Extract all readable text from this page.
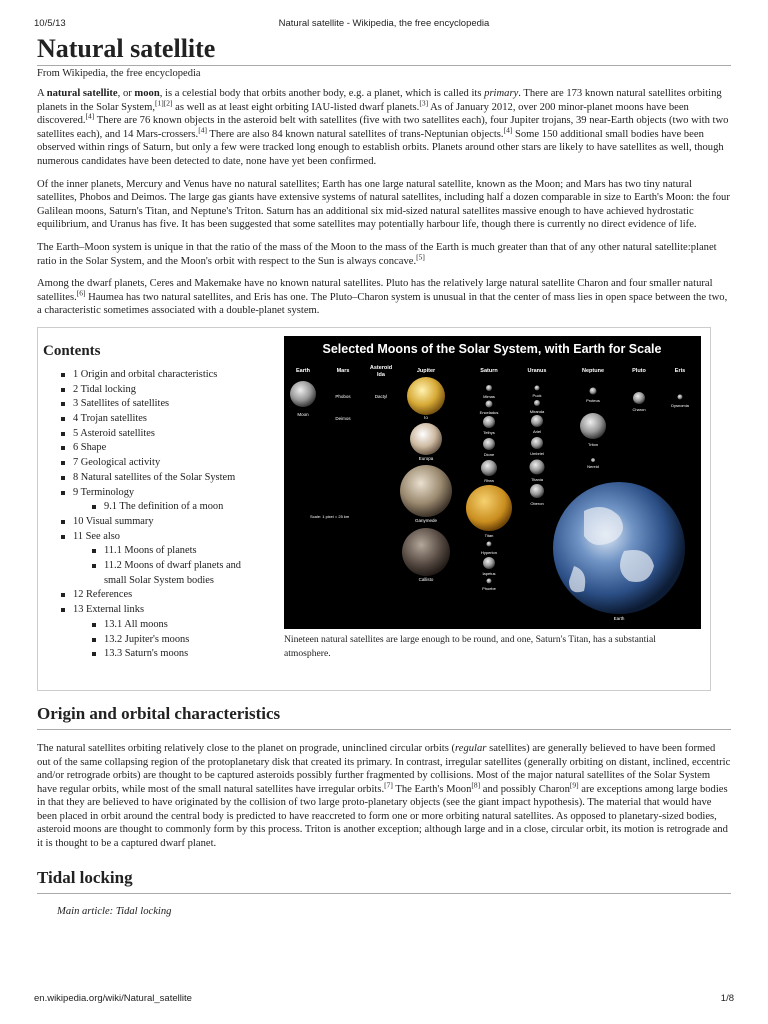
10/5/13	Natural satellite - Wikipedia, the free encyclopedia
Natural satellite
From Wikipedia, the free encyclopedia

A natural satellite, or moon, is a celestial body that orbits another body, e.g. a planet, which is called its primary. There are 173 known natural satellites orbiting planets in the Solar System,[1][2] as well as at least eight orbiting IAU-listed dwarf planets.[3] As of January 2012, over 200 minor-planet moons have been discovered.[4] There are 76 known objects in the asteroid belt with satellites (five with two satellites each), four Jupiter trojans, 39 near-Earth objects (two with two satellites each), and 14 Mars-crossers.[4] There are also 84 known natural satellites of trans-Neptunian objects.[4] Some 150 additional small bodies have been observed within rings of Saturn, but only a few were tracked long enough to establish orbits. Planets around other stars are likely to have satellites as well, though numerous candidates have been detected to date, none have yet been confirmed.

Of the inner planets, Mercury and Venus have no natural satellites; Earth has one large natural satellite, known as the Moon; and Mars has two tiny natural satellites, Phobos and Deimos. The large gas giants have extensive systems of natural satellites, including half a dozen comparable in size to Earth's Moon: the four Galilean moons, Saturn's Titan, and Neptune's Triton. Saturn has an additional six mid-sized natural satellites massive enough to have achieved hydrostatic equilibrium, and Uranus has five. It has been suggested that some satellites may potentially harbour life, though there is currently no direct evidence of life.

The Earth–Moon system is unique in that the ratio of the mass of the Moon to the mass of the Earth is much greater than that of any other natural satellite:planet ratio in the Solar System, and the Moon's orbit with respect to the Sun is always concave.[5]

Among the dwarf planets, Ceres and Makemake have no known natural satellites. Pluto has the relatively large natural satellite Charon and four smaller natural satellites.[6] Haumea has two natural satellites, and Eris has one. The Pluto–Charon system is unusual in that the center of mass lies in open space between the two, a characteristic sometimes associated with a double-planet system.

Contents
1 Origin and orbital characteristics
2 Tidal locking
3 Satellites of satellites
4 Trojan satellites
5 Asteroid satellites
6 Shape
7 Geological activity
8 Natural satellites of the Solar System
9 Terminology
9.1 The definition of a moon
10 Visual summary
11 See also
11.1 Moons of planets
11.2 Moons of dwarf planets and
small Solar System bodies
12 References
13 External links
13.1 All moons
13.2 Jupiter's moons
13.3 Saturn's moons
Selected Moons of the Solar System, with Earth for Scale
Earth	Mars	Asteroid
Ida
Jupiter	Saturn	Uranus	Neptune	Pluto	Eris
Moon
Phobos
Deimos
Dactyl
Io
Europa
Ganymede
Callisto
Mimas
Enceladus
Tethys
Dione
Rhea
Titan
Hyperion
Iapetus
Phoebe
Puck
Miranda
Ariel
Umbriel
Titania
Oberon
Proteus
Triton
Nereid
Charon
Dysnomia
Earth
Scale: 1 pixel = 25 km
Nineteen natural satellites are large enough to be round, and one, Saturn's Titan, has a substantial atmosphere.
Origin and orbital characteristics

The natural satellites orbiting relatively close to the planet on prograde, uninclined circular orbits (regular satellites) are generally believed to have been formed out of the same collapsing region of the protoplanetary disk that created its primary. In contrast, irregular satellites (generally orbiting on distant, inclined, eccentric and/or retrograde orbits) are thought to be captured asteroids possibly further fragmented by collisions. Most of the major natural satellites of the Solar System have regular orbits, while most of the small natural satellites have irregular orbits.[7] The Earth's Moon[8] and possibly Charon[9] are exceptions among large bodies in that they are believed to have originated by the collision of two large proto-planetary objects (see the giant impact hypothesis). The material that would have been placed in orbit around the central body is predicted to have reaccreted to form one or more orbiting natural satellites. As opposed to planetary-sized bodies, asteroid moons are thought to commonly form by this process. Triton is another exception; although large and in a close, circular orbit, its motion is retrograde and it is thought to be a captured dwarf planet.

Tidal locking
Main article: Tidal locking
en.wikipedia.org/wiki/Natural_satellite	1/8
